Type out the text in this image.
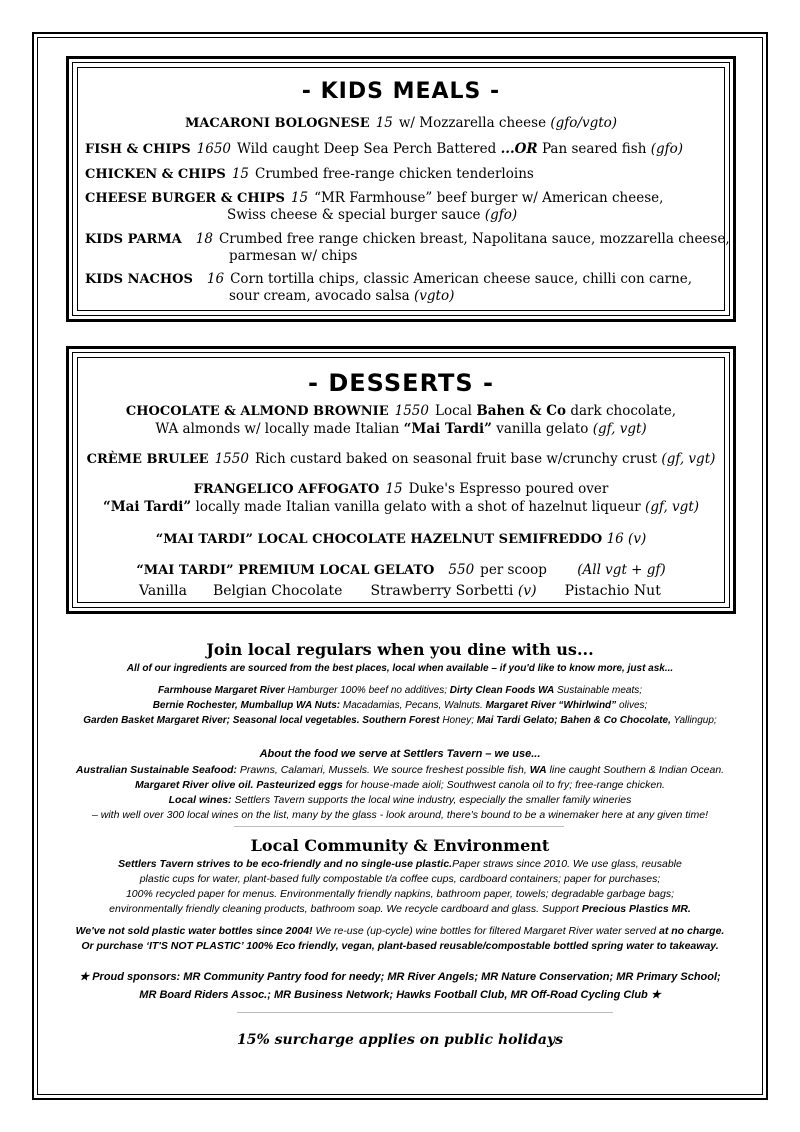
- KIDS MEALS -
MACARONI BOLOGNESE 15 w/ Mozzarella cheese (gfo/vgto)
FISH & CHIPS 1650 Wild caught Deep Sea Perch Battered ...OR Pan seared fish (gfo)
CHICKEN & CHIPS 15 Crumbed free-range chicken tenderloins
CHEESE BURGER & CHIPS 15 “MR Farmhouse” beef burger w/ American cheese,
Swiss cheese & special burger sauce (gfo)
KIDS PARMA 18 Crumbed free range chicken breast, Napolitana sauce, mozzarella cheese,
parmesan w/ chips
KIDS NACHOS 16 Corn tortilla chips, classic American cheese sauce, chilli con carne,
sour cream, avocado salsa (vgto)
- DESSERTS -
CHOCOLATE & ALMOND BROWNIE 1550 Local Bahen & Co dark chocolate,
WA almonds w/ locally made Italian “Mai Tardi” vanilla gelato (gf, vgt)
CRÈME BRULEE 1550 Rich custard baked on seasonal fruit base w/crunchy crust (gf, vgt)
FRANGELICO AFFOGATO 15 Duke's Espresso poured over
“Mai Tardi” locally made Italian vanilla gelato with a shot of hazelnut liqueur (gf, vgt)
“MAI TARDI” LOCAL CHOCOLATE HAZELNUT SEMIFREDDO 16 (v)
“MAI TARDI” PREMIUM LOCAL GELATO 550 per scoop (All vgt + gf)
Vanilla Belgian Chocolate Strawberry Sorbetti (v) Pistachio Nut
Join local regulars when you dine with us...
All of our ingredients are sourced from the best places, local when available – if you'd like to know more, just ask...
Farmhouse Margaret River Hamburger 100% beef no additives; Dirty Clean Foods WA Sustainable meats;
Bernie Rochester, Mumballup WA Nuts: Macadamias, Pecans, Walnuts. Margaret River “Whirlwind” olives;
Garden Basket Margaret River; Seasonal local vegetables. Southern Forest Honey; Mai Tardi Gelato; Bahen & Co Chocolate, Yallingup;
About the food we serve at Settlers Tavern – we use...
Australian Sustainable Seafood: Prawns, Calamari, Mussels. We source freshest possible fish, WA line caught Southern & Indian Ocean.
Margaret River olive oil. Pasteurized eggs for house-made aioli; Southwest canola oil to fry; free-range chicken.
Local wines: Settlers Tavern supports the local wine industry, especially the smaller family wineries
– with well over 300 local wines on the list, many by the glass - look around, there's bound to be a winemaker here at any given time!
Local Community & Environment
Settlers Tavern strives to be eco-friendly and no single-use plastic.Paper straws since 2010. We use glass, reusable
plastic cups for water, plant-based fully compostable t/a coffee cups, cardboard containers; paper for purchases;
100% recycled paper for menus. Environmentally friendly napkins, bathroom paper, towels; degradable garbage bags;
environmentally friendly cleaning products, bathroom soap. We recycle cardboard and glass. Support Precious Plastics MR.
We've not sold plastic water bottles since 2004! We re-use (up-cycle) wine bottles for filtered Margaret River water served at no charge.
Or purchase ‘IT'S NOT PLASTIC’ 100% Eco friendly, vegan, plant-based reusable/compostable bottled spring water to takeaway.
★ Proud sponsors: MR Community Pantry food for needy; MR River Angels; MR Nature Conservation; MR Primary School;
MR Board Riders Assoc.; MR Business Network; Hawks Football Club, MR Off-Road Cycling Club ★
15% surcharge applies on public holidays
